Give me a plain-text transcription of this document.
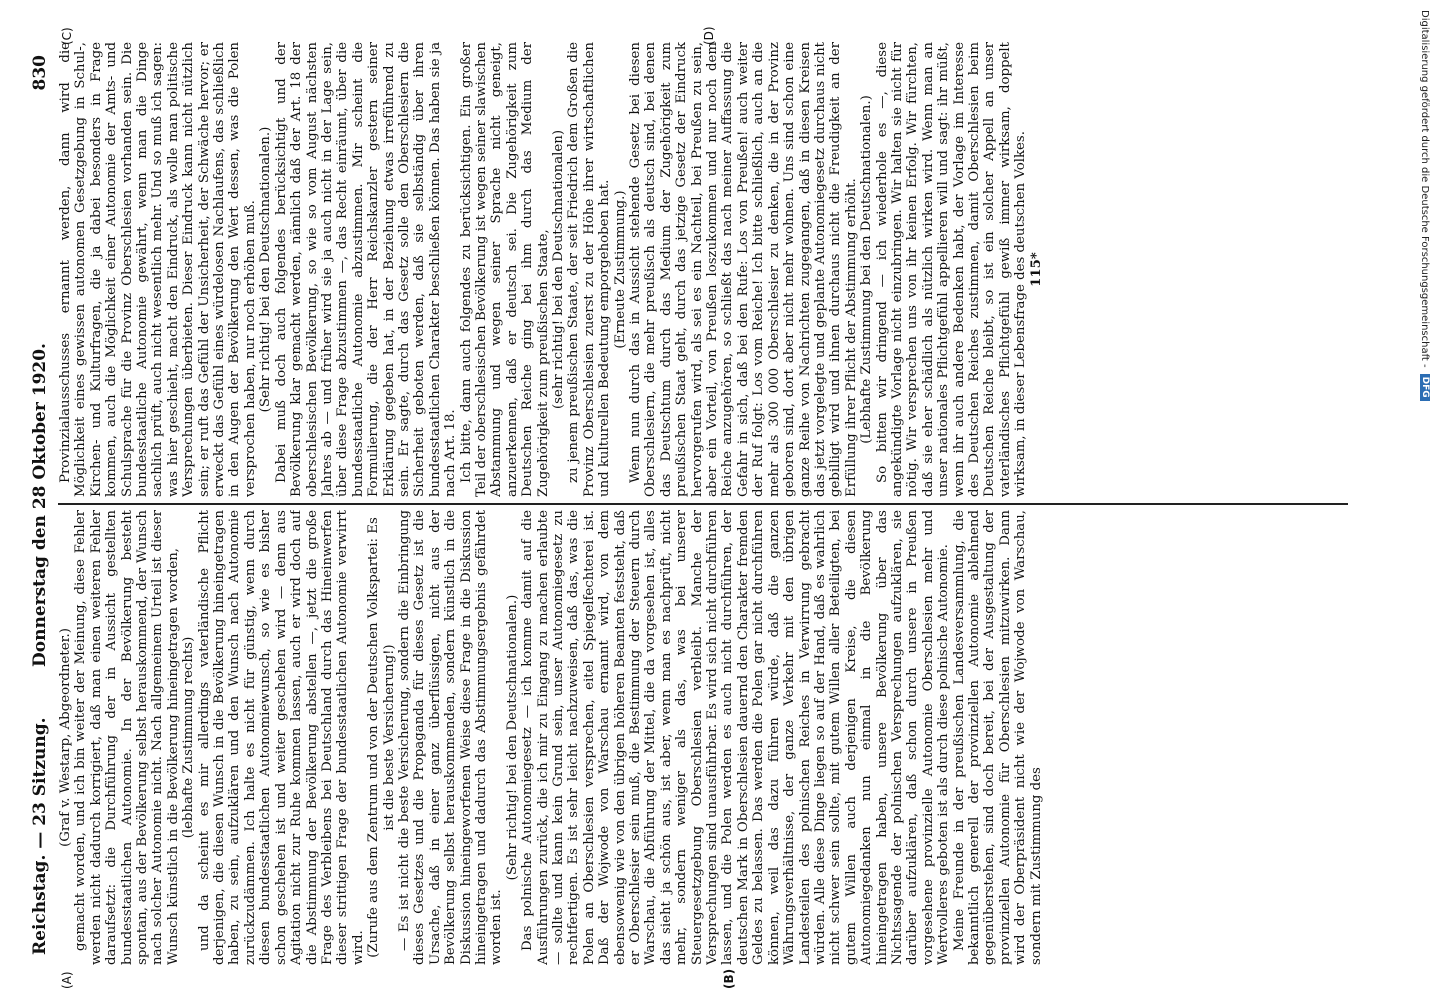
Reichstag. — 23 Sitzung.
Donnerstag den 28 Oktober 1920.
830
(A)	(B)
(C)	(D)

(Graf v. Westarp, Abgeordneter.) gemacht worden, und ich bin weiter der Meinung, diese Fehler werden nicht dadurch korrigiert, daß man einen weiteren Fehler daraufsetzt: die Durchführung der in Aussicht gestellten bundesstaatlichen Autonomie. In der Bevölkerung besteht spontan, aus der Bevölkerung selbst herauskommend, der Wunsch nach solcher Autonomie nicht. Nach allgemeinem Urteil ist dieser Wunsch künstlich in die Bevölkerung hineingetragen worden, (lebhafte Zustimmung rechts) und da scheint es mir allerdings vaterländische Pflicht derjenigen, die diesen Wunsch in die Bevölkerung hineingetragen haben, zu sein, aufzuklären und den Wunsch nach Autonomie zurückzudämmen. Ich halte es nicht für günstig, wenn durch diesen bundesstaatlichen Autonomiewunsch, so wie es bisher schon geschehen ist und weiter geschehen wird — denn aus Agitation nicht zur Ruhe kommen lassen, auch er wird doch auf die Abstimmung der Bevölkerung abstellen —, jetzt die große Frage des Verbleibens bei Deutschland durch das Hineinwerfen dieser strittigen Frage der bundesstaatlichen Autonomie verwirrt wird. (Zurufe aus dem Zentrum und von der Deutschen Volkspartei: Es ist die beste Versicherung!) — Es ist nicht die beste Versicherung, sondern die Einbringung dieses Gesetzes und die Propaganda für dieses Gesetz ist die Ursache, daß in einer ganz überflüssigen, nicht aus der Bevölkerung selbst herauskommenden, sondern künstlich in die Diskussion hineingeworfenen Weise diese Frage in die Diskussion hineingetragen und dadurch das Abstimmungsergebnis gefährdet worden ist.

(Sehr richtig! bei den Deutschnationalen.) Das polnische Autonomiegesetz — ich komme damit auf die Ausführungen zurück, die ich mir zu Eingang zu machen erlaubte — sollte und kann kein Grund sein, unser Autonomiegesetz zu rechtfertigen. Es ist sehr leicht nachzuweisen, daß das, was die Polen an Oberschlesien versprechen, eitel Spiegelfechterei ist. Daß der Wojwode von Warschau ernannt wird, von dem ebensowenig wie von den übrigen höheren Beamten feststeht, daß er Oberschlesier sein muß, die Bestimmung der Steuern durch Warschau, die Abführung der Mittel, die da vorgesehen ist, alles das sieht ja schön aus, ist aber, wenn man es nachprüft, nicht mehr, sondern weniger als das, was bei unserer Steuergesetzgebung Oberschlesien verbleibt. Manche der Versprechungen sind unausführbar. Es wird sich nicht durchführen lassen, und die Polen werden es auch nicht durchführen, der deutschen Mark in Oberschlesien dauernd den Charakter fremden Geldes zu belassen. Das werden die Polen gar nicht durchführen können, weil das dazu führen würde, daß die ganzen Währungsverhältnisse, der ganze Verkehr mit den übrigen Landesteilen des polnischen Reiches in Verwirrung gebracht würden. Alle diese Dinge liegen so auf der Hand, daß es wahrlich nicht schwer sein sollte, mit gutem Willen aller Beteiligten, bei gutem Willen auch derjenigen Kreise, die diesen Autonomiegedanken nun einmal in die Bevölkerung hineingetragen haben, unsere Bevölkerung über das Nichtssagende der polnischen Versprechungen aufzuklären, sie darüber aufzuklären, daß schon durch unsere in Preußen vorgesehene provinzielle Autonomie Oberschlesien mehr und Wertvolleres geboten ist als durch diese polnische Autonomie. Meine Freunde in der preußischen Landesversammlung, die bekanntlich generell der provinziellen Autonomie ablehnend gegenüberstehen, sind doch bereit, bei der Ausgestaltung der provinziellen Autonomie für Oberschlesien mitzuwirken. Dann wird der Oberpräsident nicht wie der Wojwode von Warschau, sondern mit Zustimmung des

Provinzialausschusses ernannt werden, dann wird die Möglichkeit eines gewissen autonomen Gesetzgebung in Schul-, Kirchen- und Kulturfragen, die ja dabei besonders in Frage kommen, auch die Möglichkeit einer Autonomie der Amts- und Schulsprache für die Provinz Oberschlesien vorhanden sein. Die bundesstaatliche Autonomie gewährt, wenn man die Dinge sachlich prüft, auch nicht wesentlich mehr. Und so muß ich sagen: was hier geschieht, macht den Eindruck, als wolle man politische Versprechungen überbieten. Dieser Eindruck kann nicht nützlich sein; er ruft das Gefühl der Unsicherheit, der Schwäche hervor; er erweckt das Gefühl eines würdelosen Nachlaufens, das schließlich in den Augen der Bevölkerung den Wert dessen, was die Polen versprochen haben, nur noch erhöhen muß. (Sehr richtig! bei den Deutschnationalen.) Dabei muß doch auch folgendes berücksichtigt und der Bevölkerung klar gemacht werden, nämlich daß der Art. 18 der oberschlesischen Bevölkerung, so wie so vom August nächsten Jahres ab — und früher wird sie ja auch nicht in der Lage sein, über diese Frage abzustimmen —, das Recht einräumt, über die bundesstaatliche Autonomie abzustimmen. Mir scheint die Formulierung, die der Herr Reichskanzler gestern seiner Erklärung gegeben hat, in der Beziehung etwas irreführend zu sein. Er sagte, durch das Gesetz solle den Oberschlesiern die Sicherheit geboten werden, daß sie selbständig über ihren bundesstaatlichen Charakter beschließen können. Das haben sie ja nach Art. 18. Ich bitte, dann auch folgendes zu berücksichtigen. Ein großer Teil der oberschlesischen Bevölkerung ist wegen seiner slawischen Abstammung und wegen seiner Sprache nicht geneigt, anzuerkennen, daß er deutsch sei. Die Zugehörigkeit zum Deutschen Reiche ging bei ihm durch das Medium der Zugehörigkeit zum preußischen Staate, (sehr richtig! bei den Deutschnationalen) zu jenem preußischen Staate, der seit Friedrich dem Großen die Provinz Oberschlesien zuerst zu der Höhe ihrer wirtschaftlichen und kulturellen Bedeutung emporgehoben hat. (Erneute Zustimmung.) Wenn nun durch das in Aussicht stehende Gesetz bei diesen Oberschlesiern, die mehr preußisch als deutsch sind, bei denen das Deutschtum durch das Medium der Zugehörigkeit zum preußischen Staat geht, durch das jetzige Gesetz der Eindruck hervorgerufen wird, als sei es ein Nachteil, bei Preußen zu sein, aber ein Vorteil, von Preußen loszukommen und nur noch dem Reiche anzugehören, so schließt das nach meiner Auffassung die Gefahr in sich, daß bei den Rufe: Los von Preußen! auch weiter der Ruf folgt: Los vom Reiche! Ich bitte schließlich, auch an die mehr als 300 000 Oberschlesier zu denken, die in der Provinz geboren sind, dort aber nicht mehr wohnen. Uns sind schon eine ganze Reihe von Nachrichten zugegangen, daß in diesen Kreisen das jetzt vorgelegte und geplante Autonomiegesetz durchaus nicht gebilligt wird und ihnen durchaus nicht die Freudigkeit an der Erfüllung ihrer Pflicht der Abstimmung erhöht. (Lebhafte Zustimmung bei den Deutschnationalen.) So bitten wir dringend — ich wiederhole es —, diese angekündigte Vorlage nicht einzubringen. Wir halten sie nicht für nötig. Wir versprechen uns von ihr keinen Erfolg. Wir fürchten, daß sie eher schädlich als nützlich wirken wird. Wenn man an unser nationales Pflichtgefühl appellieren will und sagt: ihr müßt, wenn ihr auch andere Bedenken habt, der Vorlage im Interesse des Deutschen Reiches zustimmen, damit Oberschlesien beim Deutschen Reiche bleibt, so ist ein solcher Appell an unser vaterländisches Pflichtgefühl gewiß immer wirksam, doppelt wirksam, in dieser Lebensfrage des deutschen Volkes. 115*	Digitalisierung gefördert durch die Deutsche Forschungsgemeinschaft -
DFG
